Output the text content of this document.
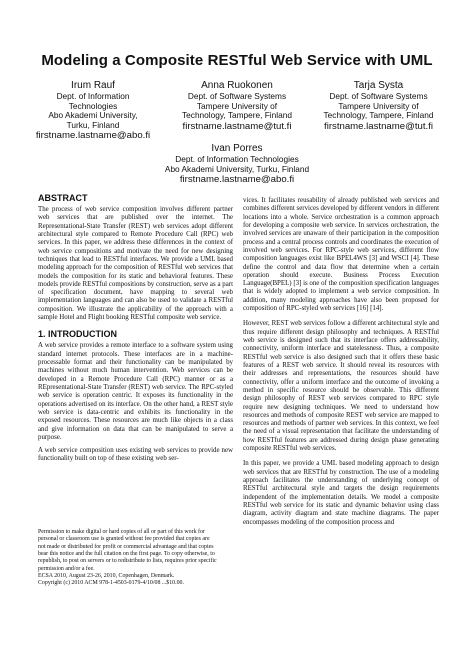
Modeling a Composite RESTful Web Service with UML
Irum Rauf
Dept. of Information
Technologies
Abo Akademi University,
Turku, Finland
firstname.lastname@abo.fi
Anna Ruokonen
Dept. of Software Systems
Tampere University of
Technology, Tampere, Finland
firstname.lastname@tut.fi
Tarja Systa
Dept. of Software Systems
Tampere University of
Technology, Tampere, Finland
firstname.lastname@tut.fi
Ivan Porres
Dept. of Information Technologies
Abo Akademi University, Turku, Finland
firstname.lastname@abo.fi
ABSTRACT

The process of web service composition involves different partner web services that are published over the internet. The Representational-State Transfer (REST) web services adopt different architectural style compared to Remote Procedure Call (RPC) web services. In this paper, we address these differences in the context of web service compositions and motivate the need for new designing techniques that lead to RESTful interfaces. We provide a UML based modeling approach for the composition of RESTful web services that models the composition for its static and behavioral features. These models provide RESTful compositions by construction, serve as a part of specification document, have mapping to several web implementation languages and can also be used to validate a RESTful composition. We illustrate the applicability of the approach with a sample Hotel and Flight booking RESTful composite web service.

1. INTRODUCTION

A web service provides a remote interface to a software system using standard internet protocols. These interfaces are in a machine-processable format and their functionality can be manipulated by machines without much human intervention. Web services can be developed in a Remote Procedure Call (RPC) manner or as a REpresentational-State Transfer (REST) web service. The RPC-styled web service is operation centric. It exposes its functionality in the operations advertised on its interface. On the other hand, a REST style web service is data-centric and exhibits its functionality in the exposed resources. These resources are much like objects in a class and give information on data that can be manipulated to serve a purpose.

A web service composition uses existing web services to provide new functionality built on top of these existing web ser-

Permission to make digital or hard copies of all or part of this work for
personal or classroom use is granted without fee provided that copies are
not made or distributed for profit or commercial advantage and that copies
bear this notice and the full citation on the first page. To copy otherwise, to
republish, to post on servers or to redistribute to lists, requires prior specific
permission and/or a fee.
ECSA 2010, August 23-26, 2010, Copenhagen, Denmark.
Copyright (c) 2010 ACM 978-1-4503-0179-4/10/08 ...$10.00.

vices. It facilitates reusability of already published web services and combines different services developed by different vendors in different locations into a whole. Service orchestration is a common approach for developing a composite web service. In services orchestration, the involved services are unaware of their participation in the composition process and a central process controls and coordinates the execution of involved web services. For RPC-style web services, different flow composition languages exist like BPEL4WS [3] and WSCI [4]. These define the control and data flow that determine when a certain operation should execute. Business Process Execution Language(BPEL) [3] is one of the composition specification languages that is widely adopted to implement a web service composition. In addition, many modeling approaches have also been proposed for composition of RPC-styled web services [16] [14].

However, REST web services follow a different architectural style and thus require different design philosophy and techniques. A RESTful web service is designed such that its interface offers addressability, connectivity, uniform interface and statelessness. Thus, a composite RESTful web service is also designed such that it offers these basic features of a REST web service. It should reveal its resources with their addresses and representations, the resources should have connectivity, offer a uniform interface and the outcome of invoking a method in specific resource should be observable. This different design philosophy of REST web services compared to RPC style require new designing techniques. We need to understand how resources and methods of composite REST web service are mapped to resources and methods of partner web services. In this context, we feel the need of a visual representation that facilitate the understanding of how RESTful features are addressed during design phase generating composite RESTful web services.

In this paper, we provide a UML based modeling approach to design web services that are RESTful by construction. The use of a modeling approach facilitates the understanding of underlying concept of RESTful architectural style and targets the design requirements independent of the implementation details. We model a composite RESTful web service for its static and dynamic behavior using class diagram, activity diagram and state machine diagrams. The paper encompasses modeling of the composition process and
